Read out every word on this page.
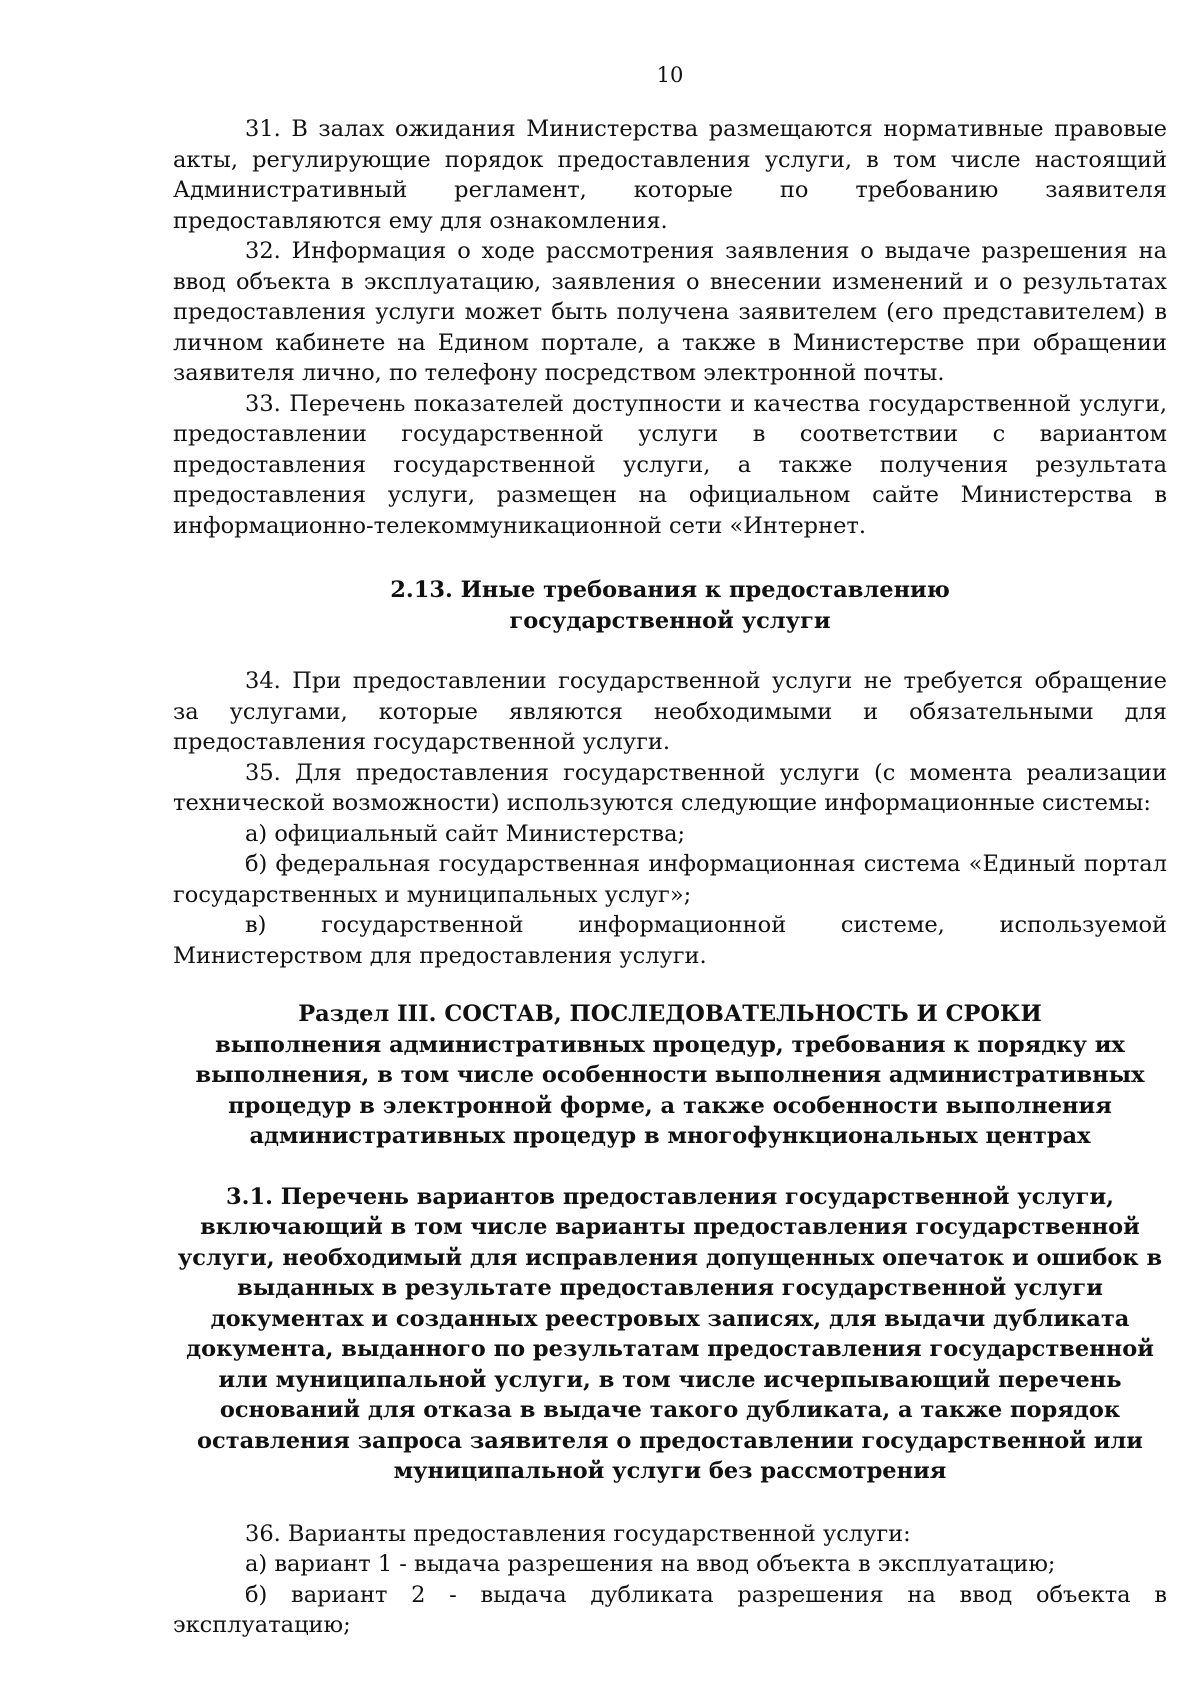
10

31. В залах ожидания Министерства размещаются нормативные правовые акты, регулирующие порядок предоставления услуги, в том числе настоящий Административный регламент, которые по требованию заявителя предоставляются ему для ознакомления.

32. Информация о ходе рассмотрения заявления о выдаче разрешения на ввод объекта в эксплуатацию, заявления о внесении изменений и о результатах предоставления услуги может быть получена заявителем (его представителем) в личном кабинете на Едином портале, а также в Министерстве при обращении заявителя лично, по телефону посредством электронной почты.

33. Перечень показателей доступности и качества государственной услуги, предоставлении государственной услуги в соответствии с вариантом предоставления государственной услуги, а также получения результата предоставления услуги, размещен на официальном сайте Министерства в информационно-телекоммуникационной сети «Интернет.

2.13. Иные требования к предоставлению государственной услуги

34. При предоставлении государственной услуги не требуется обращение за услугами, которые являются необходимыми и обязательными для предоставления государственной услуги.

35. Для предоставления государственной услуги (с момента реализации технической возможности) используются следующие информационные системы:

а) официальный сайт Министерства;

б) федеральная государственная информационная система «Единый портал государственных и муниципальных услуг»;

в) государственной информационной системе, используемой Министерством для предоставления услуги.

Раздел III. СОСТАВ, ПОСЛЕДОВАТЕЛЬНОСТЬ И СРОКИ
выполнения административных процедур, требования к порядку их выполнения, в том числе особенности выполнения административных процедур в электронной форме, а также особенности выполнения административных процедур в многофункциональных центрах
3.1. Перечень вариантов предоставления государственной услуги, включающий в том числе варианты предоставления государственной услуги, необходимый для исправления допущенных опечаток и ошибок в выданных в результате предоставления государственной услуги документах и созданных реестровых записях, для выдачи дубликата документа, выданного по результатам предоставления государственной или муниципальной услуги, в том числе исчерпывающий перечень оснований для отказа в выдаче такого дубликата, а также порядок оставления запроса заявителя о предоставлении государственной или муниципальной услуги без рассмотрения

36. Варианты предоставления государственной услуги:

а) вариант 1 - выдача разрешения на ввод объекта в эксплуатацию;

б) вариант 2 - выдача дубликата разрешения на ввод объекта в эксплуатацию;
